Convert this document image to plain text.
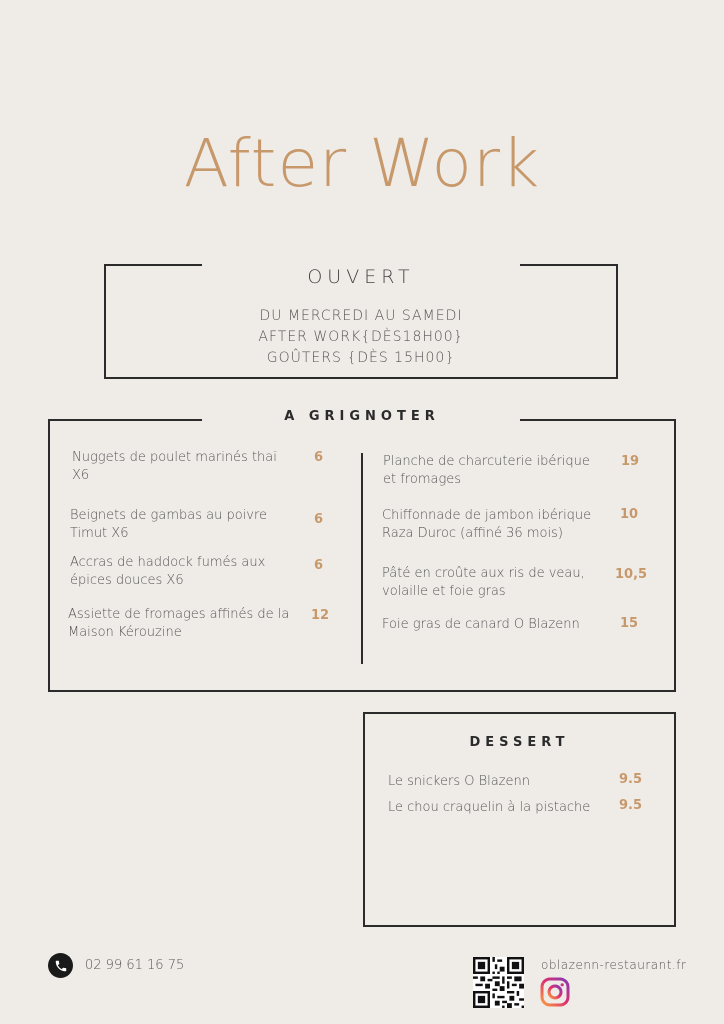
After Work
OUVERT
DU MERCREDI AU SAMEDI
AFTER WORK{DÈS18H00}
GOÛTERS {DÈS 15H00}
A GRIGNOTER
Nuggets de poulet marinés thaï
X6
6
Beignets de gambas au poivre
Timut X6
6
Accras de haddock fumés aux
épices douces X6
6
Assiette de fromages affinés de la
Maison Kérouzine
12
Planche de charcuterie ibérique
et fromages
19
Chiffonnade de jambon ibérique
Raza Duroc (affiné 36 mois)
10
Pâté en croûte aux ris de veau,
volaille et foie gras
10,5
Foie gras de canard O Blazenn	15
DESSERT
Le snickers O Blazenn	9.5
Le chou craquelin à la pistache 9.5
02 99 61 16 75	oblazenn-restaurant.fr
